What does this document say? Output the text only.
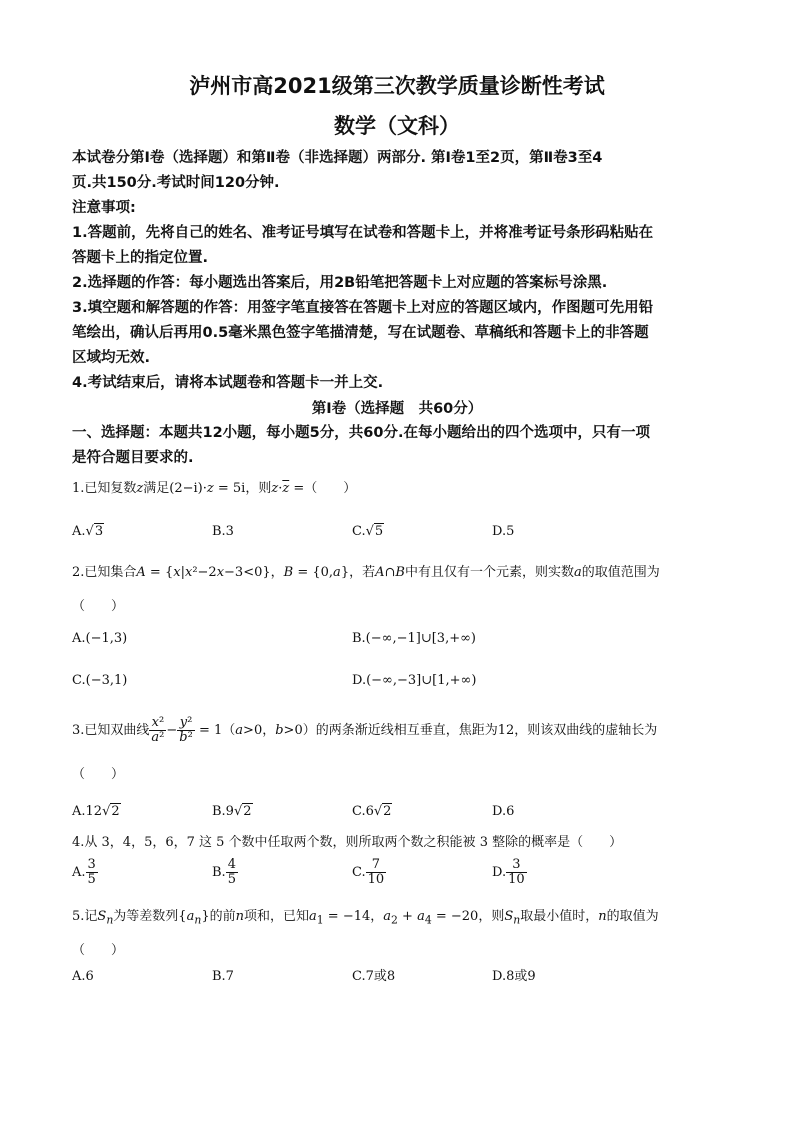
泸州市高2021级第三次教学质量诊断性考试
数学（文科）

本试卷分第Ⅰ卷（选择题）和第Ⅱ卷（非选择题）两部分. 第Ⅰ卷1至2页，第Ⅱ卷3至4

页.共150分.考试时间120分钟.

注意事项:

1.答题前，先将自己的姓名、准考证号填写在试卷和答题卡上，并将准考证号条形码粘贴在

答题卡上的指定位置.

2.选择题的作答：每小题选出答案后，用2B铅笔把答题卡上对应题的答案标号涂黑.

3.填空题和解答题的作答：用签字笔直接答在答题卡上对应的答题区域内，作图题可先用铅

笔绘出，确认后再用0.5毫米黑色签字笔描清楚，写在试题卷、草稿纸和答题卡上的非答题

区域均无效.

4.考试结束后，请将本试题卷和答题卡一并上交.

第Ⅰ卷（选择题　共60分）

一、选择题：本题共12小题，每小题5分，共60分.在每小题给出的四个选项中，只有一项

是符合题目要求的.

1.已知复数z满足(2−i)·z = 5i，则$z\cdot\overline{z}$ =（　　）

A.√3	B.3	C.√5	D.5

2.已知集合A = {x|x²−2x−3<0}，B = {0,a}，若A∩B中有且仅有一个元素，则实数a的取值范围为

（　　）
A.(−1,3)	B.(−∞,−1]∪[3,+∞)
C.(−3,1)	D.(−∞,−3]∪[1,+∞)

3.已知双曲线 $\frac{\text{x²}}{\text{a²}} - \frac{\text{y²}}{\text{b²}} = 1(a>0$，b>0）的两条渐近线相互垂直，焦距为12，则该双曲线的虚轴长为

（　　）
A.12√2	B.9√2	C.6√2	D.6

4.从 3，4，5，6，7 这 5 个数中任取两个数，则所取两个数之积能被 3 整除的概率是（　　）

A. $\frac{3}{5}$	B. $\frac{4}{5}$	C. $\frac{7}{10}$	D. $\frac{3}{10}$

5.记$S_n$为等差数列$\{a_n\}$的前n项和，已知$a_1 = -14$，$a_2 + a_4 = -20$，则$S_n$取最小值时，n的取值为

（　　）
A.6	B.7	C.7或8	D.8或9
